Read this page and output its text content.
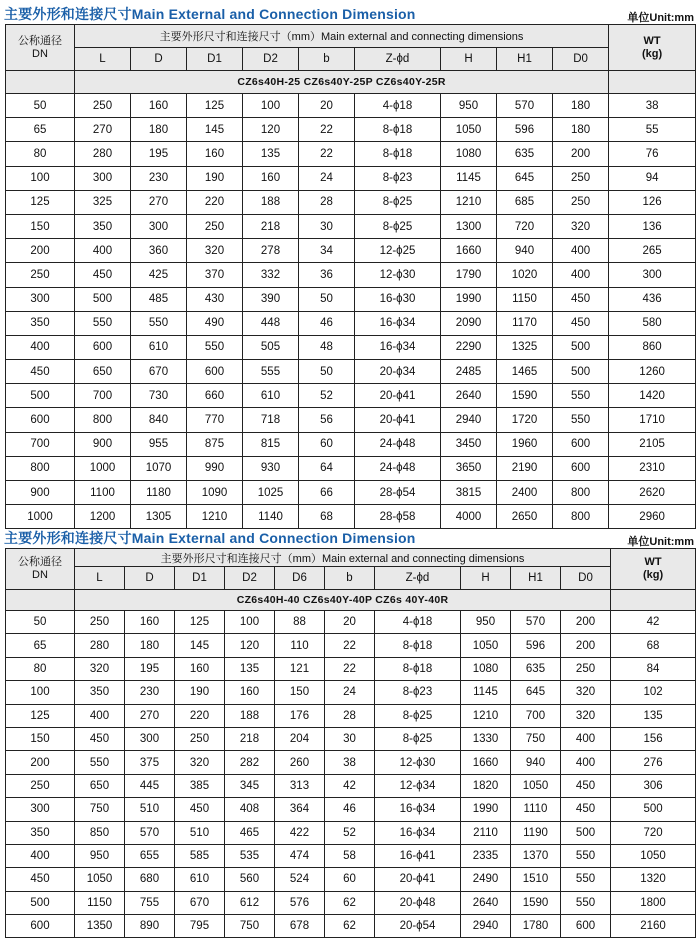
主要外形和连接尺寸Main External and Connection Dimension	单位Unit:mm
公称通径
DN	主要外形尺寸和连接尺寸（mm）Main external and connecting dimensions									WT
(kg)
	L	D	D1	D2	b	Z-ϕd	H	H1	D0	
	CZ6s40H-25 CZ6s40Y-25P CZ6s40Y-25R									
50	250	160	125	100	20	4-ϕ18	950	570	180	38
65	270	180	145	120	22	8-ϕ18	1050	596	180	55
80	280	195	160	135	22	8-ϕ18	1080	635	200	76
100	300	230	190	160	24	8-ϕ23	1145	645	250	94
125	325	270	220	188	28	8-ϕ25	1210	685	250	126
150	350	300	250	218	30	8-ϕ25	1300	720	320	136
200	400	360	320	278	34	12-ϕ25	1660	940	400	265
250	450	425	370	332	36	12-ϕ30	1790	1020	400	300
300	500	485	430	390	50	16-ϕ30	1990	1150	450	436
350	550	550	490	448	46	16-ϕ34	2090	1170	450	580
400	600	610	550	505	48	16-ϕ34	2290	1325	500	860
450	650	670	600	555	50	20-ϕ34	2485	1465	500	1260
500	700	730	660	610	52	20-ϕ41	2640	1590	550	1420
600	800	840	770	718	56	20-ϕ41	2940	1720	550	1710
700	900	955	875	815	60	24-ϕ48	3450	1960	600	2105
800	1000	1070	990	930	64	24-ϕ48	3650	2190	600	2310
900	1100	1180	1090	1025	66	28-ϕ54	3815	2400	800	2620
1000	1200	1305	1210	1140	68	28-ϕ58	4000	2650	800	2960
主要外形和连接尺寸Main External and Connection Dimension	单位Unit:mm
公称通径
DN	主要外形尺寸和连接尺寸（mm）Main external and connecting dimensions										WT
(kg)
	L	D	D1	D2	D6	b	Z-ϕd	H	H1	D0	
	CZ6s40H-40 CZ6s40Y-40P CZ6s 40Y-40R										
50	250	160	125	100	88	20	4-ϕ18	950	570	200	42
65	280	180	145	120	110	22	8-ϕ18	1050	596	200	68
80	320	195	160	135	121	22	8-ϕ18	1080	635	250	84
100	350	230	190	160	150	24	8-ϕ23	1145	645	320	102
125	400	270	220	188	176	28	8-ϕ25	1210	700	320	135
150	450	300	250	218	204	30	8-ϕ25	1330	750	400	156
200	550	375	320	282	260	38	12-ϕ30	1660	940	400	276
250	650	445	385	345	313	42	12-ϕ34	1820	1050	450	306
300	750	510	450	408	364	46	16-ϕ34	1990	1110	450	500
350	850	570	510	465	422	52	16-ϕ34	2110	1190	500	720
400	950	655	585	535	474	58	16-ϕ41	2335	1370	550	1050
450	1050	680	610	560	524	60	20-ϕ41	2490	1510	550	1320
500	1150	755	670	612	576	62	20-ϕ48	2640	1590	550	1800
600	1350	890	795	750	678	62	20-ϕ54	2940	1780	600	2160
